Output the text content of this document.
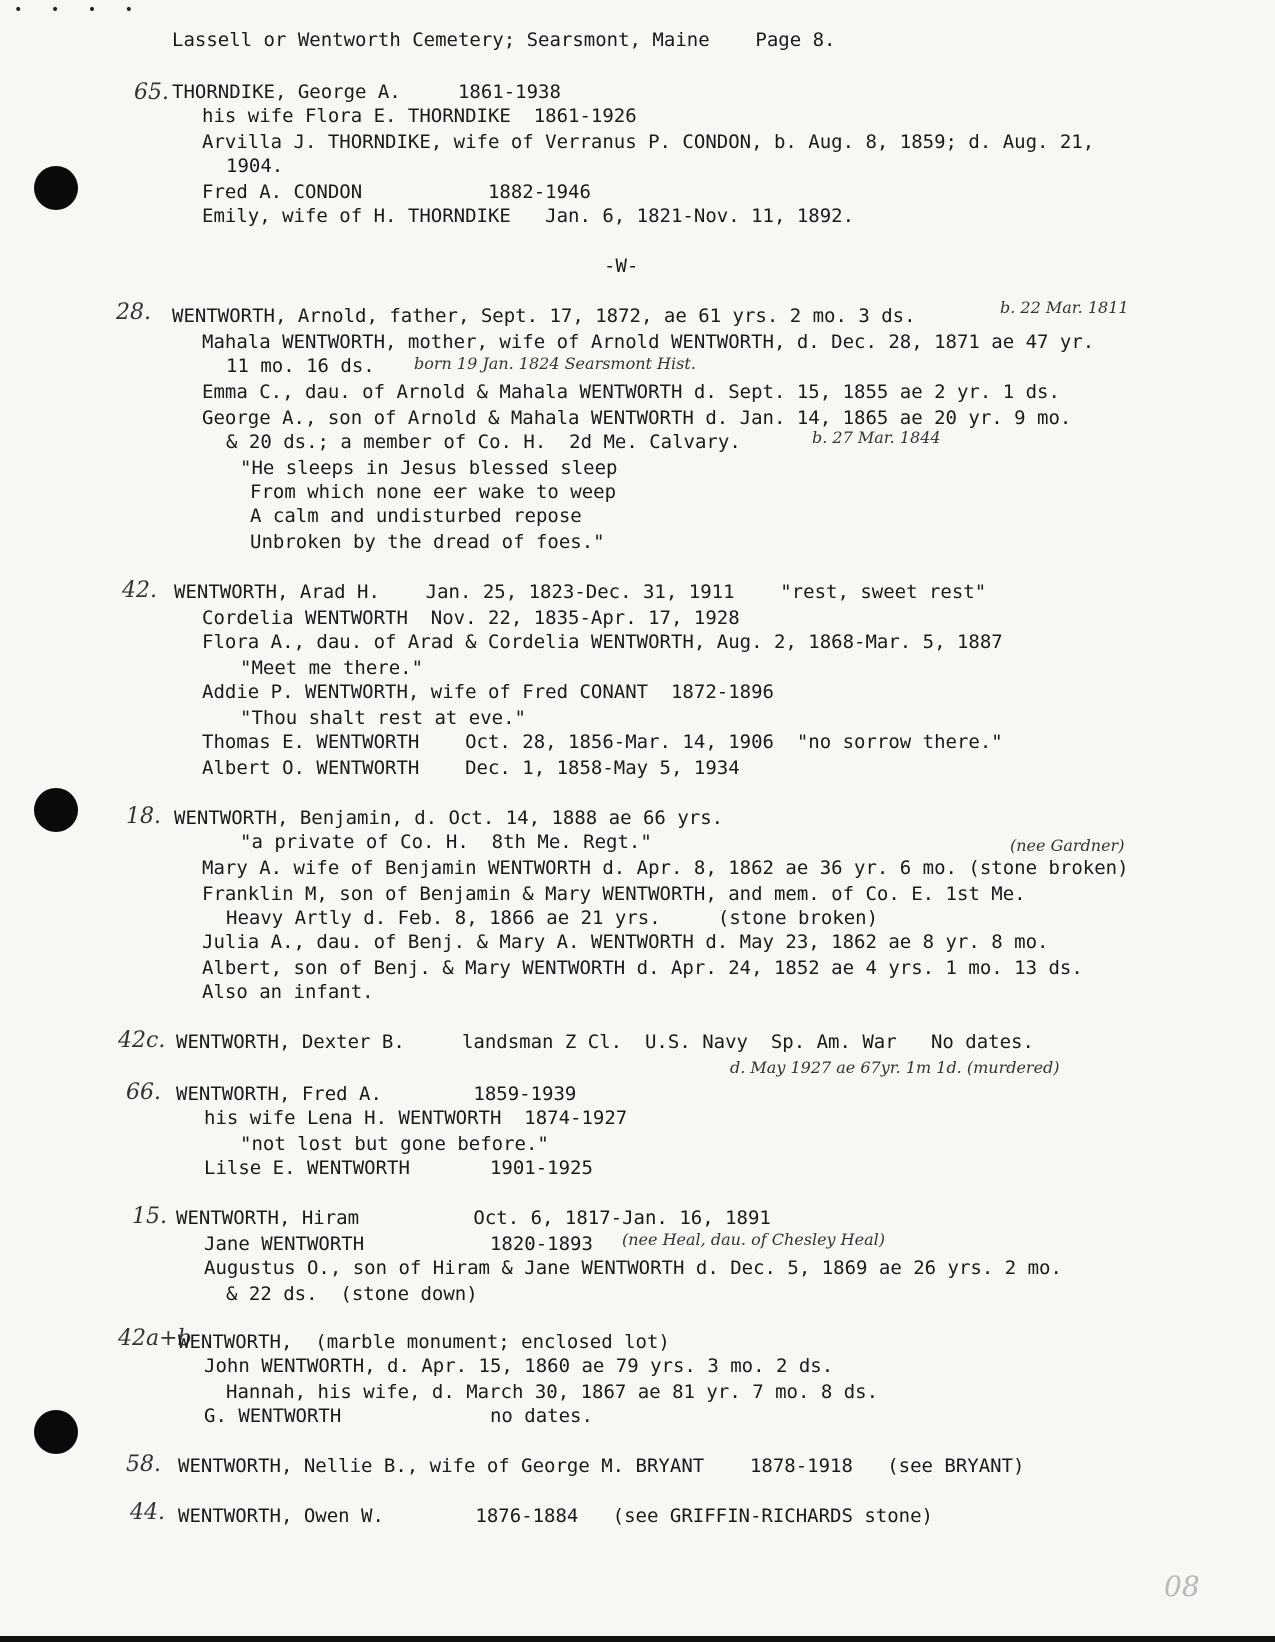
• • • •
Lassell or Wentworth Cemetery; Searsmont, Maine    Page 8.
65. THORNDIKE, George A.     1861-1938
his wife Flora E. THORNDIKE  1861-1926
Arvilla J. THORNDIKE, wife of Verranus P. CONDON, b. Aug. 8, 1859; d. Aug. 21,
1904.
Fred A. CONDON           1882-1946
Emily, wife of H. THORNDIKE   Jan. 6, 1821-Nov. 11, 1892.
-W-
28. WENTWORTH, Arnold, father, Sept. 17, 1872, ae 61 yrs. 2 mo. 3 ds.	b. 22 Mar. 1811
Mahala WENTWORTH, mother, wife of Arnold WENTWORTH, d. Dec. 28, 1871 ae 47 yr.
11 mo. 16 ds. born 19 Jan. 1824 Searsmont Hist.
Emma C., dau. of Arnold & Mahala WENTWORTH d. Sept. 15, 1855 ae 2 yr. 1 ds.
George A., son of Arnold & Mahala WENTWORTH d. Jan. 14, 1865 ae 20 yr. 9 mo.
& 20 ds.; a member of Co. H.  2d Me. Calvary.	b. 27 Mar. 1844
"He sleeps in Jesus blessed sleep
From which none eer wake to weep
A calm and undisturbed repose
Unbroken by the dread of foes."
42. WENTWORTH, Arad H.    Jan. 25, 1823-Dec. 31, 1911    "rest, sweet rest"
Cordelia WENTWORTH  Nov. 22, 1835-Apr. 17, 1928
Flora A., dau. of Arad & Cordelia WENTWORTH, Aug. 2, 1868-Mar. 5, 1887
"Meet me there."
Addie P. WENTWORTH, wife of Fred CONANT  1872-1896
"Thou shalt rest at eve."
Thomas E. WENTWORTH    Oct. 28, 1856-Mar. 14, 1906  "no sorrow there."
Albert O. WENTWORTH    Dec. 1, 1858-May 5, 1934
18. WENTWORTH, Benjamin, d. Oct. 14, 1888 ae 66 yrs.
"a private of Co. H.  8th Me. Regt."	(nee Gardner)
Mary A. wife of Benjamin WENTWORTH d. Apr. 8, 1862 ae 36 yr. 6 mo. (stone broken)
Franklin M, son of Benjamin & Mary WENTWORTH, and mem. of Co. E. 1st Me.
Heavy Artly d. Feb. 8, 1866 ae 21 yrs.     (stone broken)
Julia A., dau. of Benj. & Mary A. WENTWORTH d. May 23, 1862 ae 8 yr. 8 mo.
Albert, son of Benj. & Mary WENTWORTH d. Apr. 24, 1852 ae 4 yrs. 1 mo. 13 ds.
Also an infant.
42c. WENTWORTH, Dexter B.     landsman Z Cl.  U.S. Navy  Sp. Am. War   No dates.
d. May 1927 ae 67yr. 1m 1d. (murdered)
66. WENTWORTH, Fred A.        1859-1939
his wife Lena H. WENTWORTH  1874-1927
"not lost but gone before."
Lilse E. WENTWORTH       1901-1925
15. WENTWORTH, Hiram          Oct. 6, 1817-Jan. 16, 1891
Jane WENTWORTH           1820-1893 (nee Heal, dau. of Chesley Heal)
Augustus O., son of Hiram & Jane WENTWORTH d. Dec. 5, 1869 ae 26 yrs. 2 mo.
& 22 ds.  (stone down)
42a+b
WENTWORTH,  (marble monument; enclosed lot)
John WENTWORTH, d. Apr. 15, 1860 ae 79 yrs. 3 mo. 2 ds.
Hannah, his wife, d. March 30, 1867 ae 81 yr. 7 mo. 8 ds.
G. WENTWORTH             no dates.
58. WENTWORTH, Nellie B., wife of George M. BRYANT    1878-1918   (see BRYANT)
44. WENTWORTH, Owen W.        1876-1884   (see GRIFFIN-RICHARDS stone)
08
